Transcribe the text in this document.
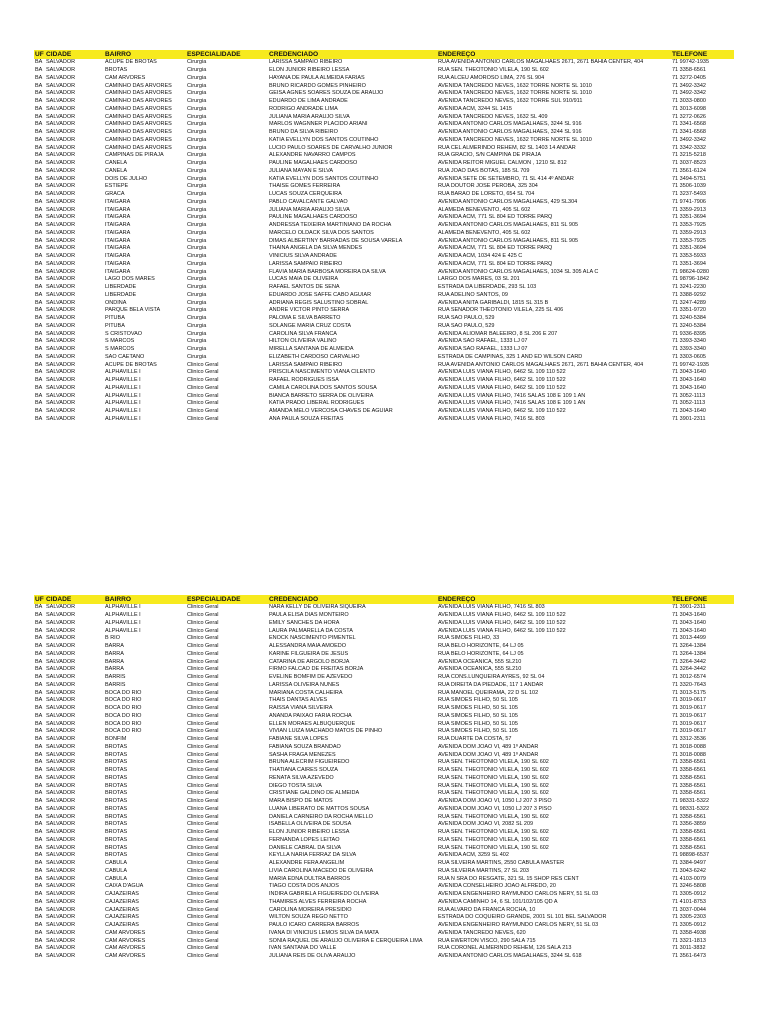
UF	CIDADE	BAIRRO	ESPECIALIDADE	CREDENCIADO	ENDEREÇO	TELEFONE
BA	SALVADOR	ACUPE DE BROTAS	Cirurgia	LARISSA SAMPAIO RIBEIRO	RUA AVENIDA ANTONIO CARLOS MAGALHAES 2671, 2671 BAHIA CENTER, 404	71 99742-1935
BA	SALVADOR	BROTAS	Cirurgia	ELON JUNIOR RIBEIRO LESSA	RUA SEN. THEOTONIO VILELA, 190 SL 602	71 3358-6561
BA	SALVADOR	CAM ARVORES	Cirurgia	HAYANA DE PAULA ALMEIDA FARIAS	RUA ALCEU AMOROSO LIMA, 276 SL 904	71 3272-0405
BA	SALVADOR	CAMINHO DAS ARVORES	Cirurgia	BRUNO RICARDO GOMES PINHEIRO	AVENIDA TANCREDO NEVES, 1632 TORRE NORTE SL 1010	71 3492-3342
BA	SALVADOR	CAMINHO DAS ARVORES	Cirurgia	GEISA AGNES SOARES SOUZA DE ARAUJO	AVENIDA TANCREDO NEVES, 1632 TORRE NORTE SL 1010	71 3492-3342
BA	SALVADOR	CAMINHO DAS ARVORES	Cirurgia	EDUARDO DE LIMA ANDRADE	AVENIDA TANCREDO NEVES, 1632 TORRE SUL 910/911	71 3033-0800
BA	SALVADOR	CAMINHO DAS ARVORES	Cirurgia	RODRIGO ANDRADE LIMA	AVENIDA ACM, 3244 SL 1415	71 3013-6098
BA	SALVADOR	CAMINHO DAS ARVORES	Cirurgia	JULIANA MARIA ARAUJO SILVA	AVENIDA TANCREDO NEVES, 1632 SL 409	71 3272-0626
BA	SALVADOR	CAMINHO DAS ARVORES	Cirurgia	MARLOS WAGNNER PLACIDO ARIANI	AVENIDA ANTONIO CARLOS MAGALHAES, 3244 SL 916	71 3341-6568
BA	SALVADOR	CAMINHO DAS ARVORES	Cirurgia	BRUNO DA SILVA RIBEIRO	AVENIDA ANTONIO CARLOS MAGALHAES, 3244 SL 916	71 3341-6568
BA	SALVADOR	CAMINHO DAS ARVORES	Cirurgia	KATIA EVELLYN DOS SANTOS COUTINHO	AVENIDA TANCREDO NEVES, 1632 TORRE NORTE SL 1010	71 3492-3342
BA	SALVADOR	CAMINHO DAS ARVORES	Cirurgia	LUCIO PAULO SOARES DE CARVALHO JUNIOR	RUA CEL ALMERINDO REHEM, 82 SL 1403 14 ANDAR	71 3342-3332
BA	SALVADOR	CAMPINAS DE PIRAJA	Cirurgia	ALEXANDRE NAVARRO CAMPOS	RUA GRACIO, S/N CAMPINA DE PIRAJA	71 3215-5218
BA	SALVADOR	CANELA	Cirurgia	PAULINE MAGALHAES CARDOSO	AVENIDA REITOR MIGUEL CALMON , 1210 SL 812	71 3037-8523
BA	SALVADOR	CANELA	Cirurgia	JULIANA MAYAN E SILVA	RUA JOAO DAS BOTAS, 185 SL 709	71 3561-6124
BA	SALVADOR	DOIS DE JULHO	Cirurgia	KATIA EVELLYN DOS SANTOS COUTINHO	AVENIDA SETE DE SETEMBRO, 71 SL 414 4º ANDAR	71 3494-5751
BA	SALVADOR	ESTIEPE	Cirurgia	THAISE GOMES FERREIRA	RUA DOUTOR JOSE PEROBA, 325 304	71 3506-1039
BA	SALVADOR	GRACA	Cirurgia	LUCAS SOUZA CERQUEIRA	RUA BARAO DE LORETO, 654 SL 704	71 3237-5493
BA	SALVADOR	ITAIGARA	Cirurgia	PABLO CAVALCANTE GALVAO	AVENIDA ANTONIO CARLOS MAGALHAES, 429 SL304	71 9741-7906
BA	SALVADOR	ITAIGARA	Cirurgia	JULIANA MARIA ARAUJO SILVA	ALAMEDA BENEVENTO, 405 SL 602	71 3359-2913
BA	SALVADOR	ITAIGARA	Cirurgia	PAULINE MAGALHAES CARDOSO	AVENIDA ACM, 771 SL 804 ED TORRE PARQ	71 3351-3694
BA	SALVADOR	ITAIGARA	Cirurgia	ANDRESSA TEIXEIRA MARTINIANO DA ROCHA	AVENIDA ANTONIO CARLOS MAGALHAES, 811 SL 905	71 3353-7925
BA	SALVADOR	ITAIGARA	Cirurgia	MARCELO OLDACK SILVA DOS SANTOS	ALAMEDA BENEVENTO, 405 SL 602	71 3359-2913
BA	SALVADOR	ITAIGARA	Cirurgia	DIMAS ALBERTINY BARRADAS DE SOUSA VARELA	AVENIDA ANTONIO CARLOS MAGALHAES, 811 SL 905	71 3353-7925
BA	SALVADOR	ITAIGARA	Cirurgia	THAINA ANGELA DA SILVA MENDES	AVENIDA ACM, 771 SL 804 ED TORRE PARQ	71 3351-3694
BA	SALVADOR	ITAIGARA	Cirurgia	VINICIUS SILVA ANDRADE	AVENIDA ACM, 1034 424 E 425 C	71 3353-5933
BA	SALVADOR	ITAIGARA	Cirurgia	LARISSA SAMPAIO RIBEIRO	AVENIDA ACM, 771 SL 804 ED TORRE PARQ	71 3351-3694
BA	SALVADOR	ITAIGARA	Cirurgia	FLAVIA MARIA BARBOSA MOREIRA DA SILVA	AVENIDA ANTONIO CARLOS MAGALHAES, 1034 SL 305 ALA C	71 98624-0280
BA	SALVADOR	LAGO DOS MARES	Cirurgia	LUCAS MAIA DE OLIVEIRA	LARGO DOS MARES, 03 SL 201	71 98796-1842
BA	SALVADOR	LIBERDADE	Cirurgia	RAFAEL SANTOS DE SENA	ESTRADA DA LIBERDADE, 293 SL 103	71 3241-2230
BA	SALVADOR	LIBERDADE	Cirurgia	EDUARDO JOSE SAFFE CABO AGUIAR	RUA ADELINO SANTOS, 09	71 3388-9292
BA	SALVADOR	ONDINA	Cirurgia	ADRIANA REGIS SALUSTINO SOBRAL	AVENIDA ANITA GARIBALDI, 1815 SL 315 B	71 3247-4289
BA	SALVADOR	PARQUE BELA VISTA	Cirurgia	ANDRE VICTOR PINTO SERRA	RUA SENADOR THEOTONIO VILELA, 225 SL 406	71 3351-9720
BA	SALVADOR	PITUBA	Cirurgia	PALOMA E SILVA BARRETO	RUA SAO PAULO, 529	71 3240-5384
BA	SALVADOR	PITUBA	Cirurgia	SOLANGE MARIA CRUZ COSTA	RUA SAO PAULO, 529	71 3240-5384
BA	SALVADOR	S CRISTOVAO	Cirurgia	CAROLINA SILVA FRANCA	AVENIDA ALIOMAR BALEEIRO, 8 SL 206 E 207	71 9336-8395
BA	SALVADOR	S MARCOS	Cirurgia	HILTON OLIVEIRA VALINO	AVENIDA SAO RAFAEL, 1333 LJ 07	71 3393-3340
BA	SALVADOR	S MARCOS	Cirurgia	MIRELLA SANTANA DE ALMEIDA	AVENIDA SAO RAFAEL, 1333 LJ 07	71 3393-3340
BA	SALVADOR	SAO CAETANO	Cirurgia	ELIZABETH CARDOSO CARVALHO	ESTRADA DE CAMPINAS, 325 1 AND ED WILSON CARD	71 3303-0605
BA	SALVADOR	ACUPE DE BROTAS	Clinico Geral	LARISSA SAMPAIO RIBEIRO	RUA AVENIDA ANTONIO CARLOS MAGALHAES 2671, 2671 BAHIA CENTER, 404	71 99742-1935
BA	SALVADOR	ALPHAVILLE I	Clinico Geral	PRISCILA NASCIMENTO VIANA CILENTO	AVENIDA LUIS VIANA FILHO, 6462 SL 109 110 522	71 3043-1640
BA	SALVADOR	ALPHAVILLE I	Clinico Geral	RAFAEL RODRIGUES ISSA	AVENIDA LUIS VIANA FILHO, 6462 SL 109 110 522	71 3043-1640
BA	SALVADOR	ALPHAVILLE I	Clinico Geral	CAMILA CAROLINA DOS SANTOS SOUSA	AVENIDA LUIS VIANA FILHO, 6462 SL 109 110 522	71 3043-1640
BA	SALVADOR	ALPHAVILLE I	Clinico Geral	BIANCA BARRETO SERRA DE OLIVEIRA	AVENIDA LUIS VIANA FILHO, 7416 SALAS 108 E 109 1 AN	71 3052-1113
BA	SALVADOR	ALPHAVILLE I	Clinico Geral	KATIA PRADO LIBERAL RODRIGUES	AVENIDA LUIS VIANA FILHO, 7416 SALAS 108 E 109 1 AN	71 3052-1113
BA	SALVADOR	ALPHAVILLE I	Clinico Geral	AMANDA MELO VERCOSA CHAVES DE AGUIAR	AVENIDA LUIS VIANA FILHO, 6462 SL 109 110 522	71 3043-1640
BA	SALVADOR	ALPHAVILLE I	Clinico Geral	ANA PAULA SOUZA FREITAS	AVENIDA LUIS VIANA FILHO, 7416 SL 803	71 3901-2311
UF	CIDADE	BAIRRO	ESPECIALIDADE	CREDENCIADO	ENDEREÇO	TELEFONE
BA	SALVADOR	ALPHAVILLE I	Clinico Geral	NARA KELLY DE OLIVEIRA SIQUEIRA	AVENIDA LUIS VIANA FILHO, 7416 SL 803	71 3901-2311
BA	SALVADOR	ALPHAVILLE I	Clinico Geral	PAULA ELISA DIAS MONTEIRO	AVENIDA LUIS VIANA FILHO, 6462 SL 109 110 522	71 3043-1640
BA	SALVADOR	ALPHAVILLE I	Clinico Geral	EMILY SANCHES DA HORA	AVENIDA LUIS VIANA FILHO, 6462 SL 109 110 522	71 3043-1640
BA	SALVADOR	ALPHAVILLE I	Clinico Geral	LAURA PALMARELLA DA COSTA	AVENIDA LUIS VIANA FILHO, 6462 SL 109 110 522	71 3043-1640
BA	SALVADOR	B RIO	Clinico Geral	ENOCK NASCIMENTO PIMENTEL	RUA SIMOES FILHO, 33	71 3013-4499
BA	SALVADOR	BARRA	Clinico Geral	ALESSANDRA MAIA AMOEDO	RUA BELO HORIZONTE, 64 LJ 05	71 3264-1384
BA	SALVADOR	BARRA	Clinico Geral	KARINE FILGUEIRA DE JESUS	RUA BELO HORIZONTE, 64 LJ 05	71 3264-1384
BA	SALVADOR	BARRA	Clinico Geral	CATARINA DE ARGOLO BORJA	AVENIDA OCEANICA, 555 SL210	71 3264-3442
BA	SALVADOR	BARRA	Clinico Geral	FIRMO FALCAO DE FREITAS BORJA	AVENIDA OCEANICA, 555 SL210	71 3264-3442
BA	SALVADOR	BARRIS	Clinico Geral	EVELINE BOMFIM DE AZEVEDO	RUA CONS.LUNQUEIRA AYRES, 92 SL 04	71 3012-6574
BA	SALVADOR	BARRIS	Clinico Geral	LARISSA OLIVEIRA NUNES	RUA DIREITA DA PIEDADE, 117 1 ANDAR	71 3320-7643
BA	SALVADOR	BOCA DO RIO	Clinico Geral	MARIANA COSTA CALHEIRA	RUA MANOEL QUEIRAMA, 22 D SL 102	71 3013-5175
BA	SALVADOR	BOCA DO RIO	Clinico Geral	THAIS DANTAS ALVES	RUA SIMOES FILHO, 50 SL 105	71 3019-0617
BA	SALVADOR	BOCA DO RIO	Clinico Geral	RAISSA VIANA SILVEIRA	RUA SIMOES FILHO, 50 SL 105	71 3019-0617
BA	SALVADOR	BOCA DO RIO	Clinico Geral	ANANDA PAIXAO FARIA ROCHA	RUA SIMOES FILHO, 50 SL 105	71 3019-0617
BA	SALVADOR	BOCA DO RIO	Clinico Geral	ELLEN MORAES ALBUQUERQUE	RUA SIMOES FILHO, 50 SL 105	71 3019-0617
BA	SALVADOR	BOCA DO RIO	Clinico Geral	VIVIAN LUIZA MACHADO MATOS DE PINHO	RUA SIMOES FILHO, 50 SL 105	71 3019-0617
BA	SALVADOR	BONFIM	Clinico Geral	FABIANE SILVA LOPES	RUA DUARTE DA COSTA, 57	71 3312-3536
BA	SALVADOR	BROTAS	Clinico Geral	FABIANA SOUZA BRANDAO	AVENIDA DOM JOAO VI, 489 1º ANDAR	71 3018-0088
BA	SALVADOR	BROTAS	Clinico Geral	SASHA FRAGA MENEZES	AVENIDA DOM JOAO VI, 489 1º ANDAR	71 3018-0088
BA	SALVADOR	BROTAS	Clinico Geral	BRUNA ALECRIM FIGUEIREDO	RUA SEN. THEOTONIO VILELA, 190 SL 602	71 3358-6561
BA	SALVADOR	BROTAS	Clinico Geral	THATIANA CAIRES SOUZA	RUA SEN. THEOTONIO VILELA, 190 SL 602	71 3358-6561
BA	SALVADOR	BROTAS	Clinico Geral	RENATA SILVA AZEVEDO	RUA SEN. THEOTONIO VILELA, 190 SL 602	71 3358-6561
BA	SALVADOR	BROTAS	Clinico Geral	DIEGO TOSTA SILVA	RUA SEN. THEOTONIO VILELA, 190 SL 602	71 3358-6561
BA	SALVADOR	BROTAS	Clinico Geral	CRISTIANE GALDINO DE ALMEIDA	RUA SEN. THEOTONIO VILELA, 190 SL 602	71 3358-6561
BA	SALVADOR	BROTAS	Clinico Geral	MARA BISPO DE MATOS	AVENIDA DOM JOAO VI, 1050 LJ 207 3 PISO	71 98331-5322
BA	SALVADOR	BROTAS	Clinico Geral	LUANA LIBERATO DE MATTOS SOUSA	AVENIDA DOM JOAO VI, 1050 LJ 207 3 PISO	71 98331-5322
BA	SALVADOR	BROTAS	Clinico Geral	DANIELA CARNEIRO DA ROCHA MELLO	RUA SEN. THEOTONIO VILELA, 190 SL 602	71 3358-6561
BA	SALVADOR	BROTAS	Clinico Geral	ISABELLA OLIVEIRA DE SOUSA	AVENIDA DOM JOAO VI, 2082 SL 209	71 3356-3859
BA	SALVADOR	BROTAS	Clinico Geral	ELON JUNIOR RIBEIRO LESSA	RUA SEN. THEOTONIO VILELA, 190 SL 602	71 3358-6561
BA	SALVADOR	BROTAS	Clinico Geral	FERNANDA LOPES LEITAO	RUA SEN. THEOTONIO VILELA, 190 SL 602	71 3358-6561
BA	SALVADOR	BROTAS	Clinico Geral	DANIELE CABRAL DA SILVA	RUA SEN. THEOTONIO VILELA, 190 SL 602	71 3358-6561
BA	SALVADOR	BROTAS	Clinico Geral	KEYLLA NARIA FERRAZ DA SILVA	AVENIDA ACM, 3259 SL 402	71 98898-6537
BA	SALVADOR	CABULA	Clinico Geral	ALEXANDRE FERA ANGELIM	RUA SILVEIRA MARTINS, 2550 CABULA MASTER	71 3384-9497
BA	SALVADOR	CABULA	Clinico Geral	LIVIA CAROLINA MACEDO DE OLIVEIRA	RUA SILVEIRA MARTINS, 27 SL 203	71 3043-6242
BA	SALVADOR	CABULA	Clinico Geral	MARIA EDNA DULTRA BARROS	RUA N SRA DO RESGATE, 321 SL 15 SHOP RES CENT	71 4103-0079
BA	SALVADOR	CAIXA D'AGUA	Clinico Geral	TIAGO COSTA DOS ANJOS	AVENIDA CONSELHEIRO JOAO ALFREDO, 20	71 3246-5808
BA	SALVADOR	CAJAZEIRAS	Clinico Geral	INDIRA GABRIELA FIGUEIREDO OLIVEIRA	AVENIDA ENGENHEIRO RAYMUNDO CARLOS NERY, 51 SL 03	71 3305-0912
BA	SALVADOR	CAJAZEIRAS	Clinico Geral	THAMIRES ALVES FERREIRA ROCHA	AVENIDA CAMINHO 14, 6 SL 101/102/105 QD A	71 4101-8753
BA	SALVADOR	CAJAZEIRAS	Clinico Geral	CAROLINA MOREIRA PRESIDIO	RUA ALVARO DA FRANCA ROCHA, 10	71 3037-0044
BA	SALVADOR	CAJAZEIRAS	Clinico Geral	WILTON SOUZA REGO NETTO	ESTRADA DO COQUEIRO GRANDE, 2001 SL 101 BEL SALVADOR	71 3305-2303
BA	SALVADOR	CAJAZEIRAS	Clinico Geral	PAULO ICARO CARRERA BARROS	AVENIDA ENGENHEIRO RAYMUNDO CARLOS NERY, 51 SL 03	71 3305-0912
BA	SALVADOR	CAM ARVORES	Clinico Geral	IVANA DI VINICIUS LEMOS SILVA DA MATA	AVENIDA TANCREDO NEVES, 620	71 3358-4938
BA	SALVADOR	CAM ARVORES	Clinico Geral	SONIA RAQUEL DE ARAUJO OLIVEIRA E CERQUEIRA LIMA	RUA EWERTON VISCO, 290 SALA 715	71 3321-1813
BA	SALVADOR	CAM ARVORES	Clinico Geral	IVAN SANTANA DO VALLE	RUA CORONEL ALMERINDO REHEM, 126 SALA 213	71 3011-3832
BA	SALVADOR	CAM ARVORES	Clinico Geral	JULIANA REIS DE OLIVA ARAUJO	AVENIDA ANTONIO CARLOS MAGALHAES, 3244 SL 618	71 3561-6473
